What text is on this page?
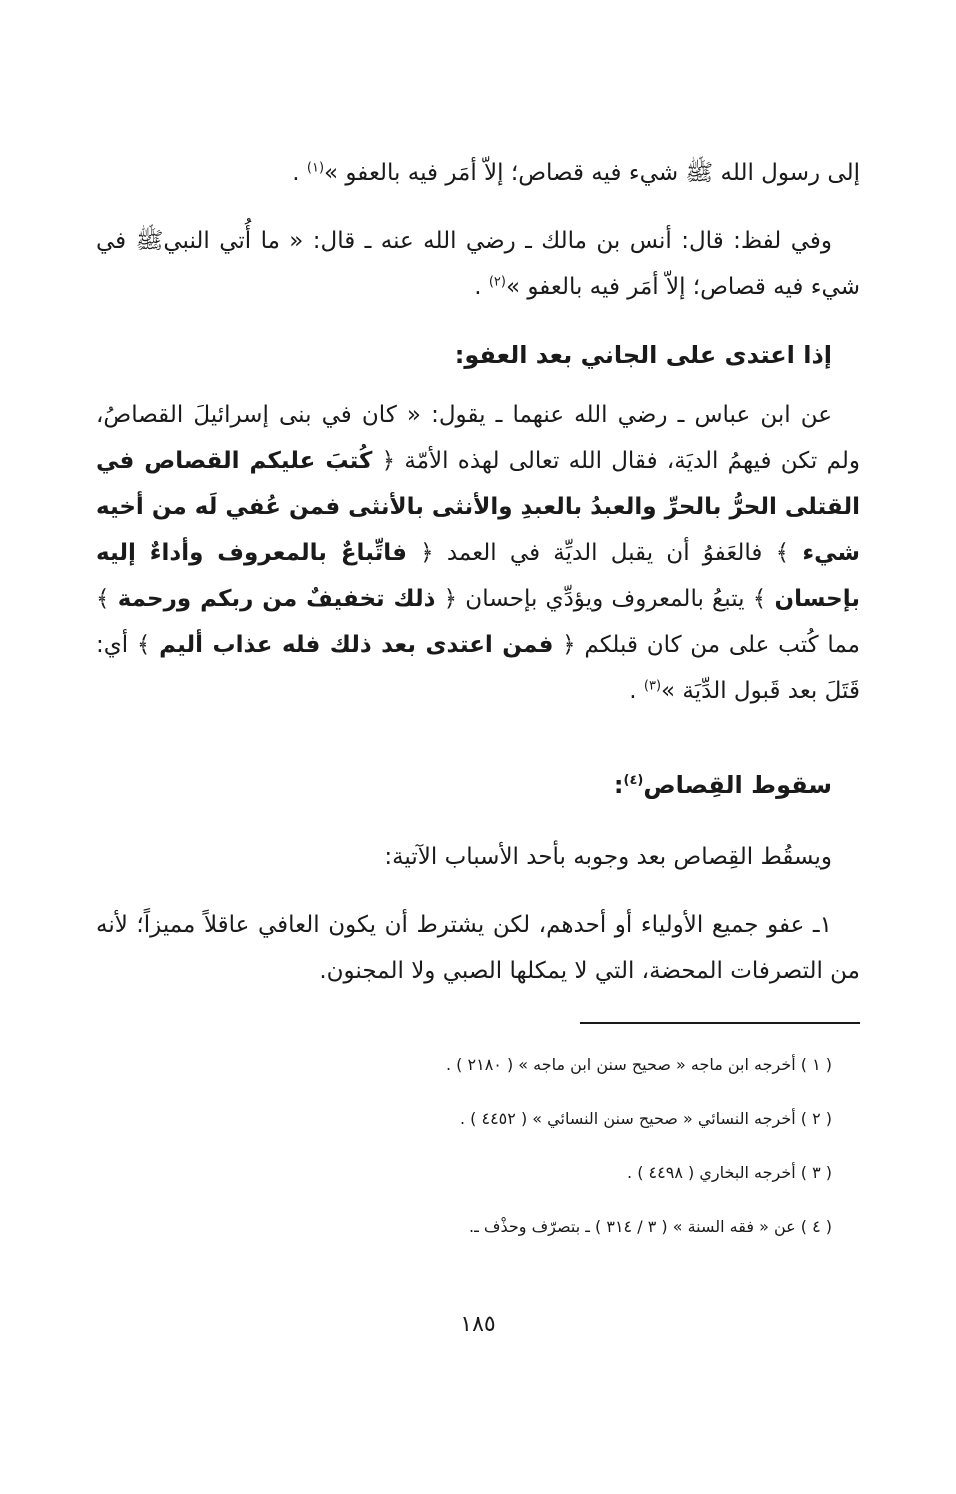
إلى رسول الله ﷺ شيء فيه قصاص؛ إلاّ أمَر فيه بالعفو »$^{(١)}$ .

وفي لفظ: قال: أنس بن مالك ـ رضي الله عنه ـ قال: « ما أُتي النبيﷺ في شيء فيه قصاص؛ إلاّ أمَر فيه بالعفو »$^{(٢)}$ .

إذا اعتدى على الجاني بعد العفو:

عن ابن عباس ـ رضي الله عنهما ـ يقول: « كان في بنى إسرائيلَ القصاصُ، ولم تكن فيهمُ الديَة، فقال الله تعالى لهذه الأمّة ﴿ كُتبَ عليكم القصاص في القتلى الحرُّ بالحرِّ والعبدُ بالعبدِ والأنثى بالأنثى فمن عُفي لَه من أخيه شيء ﴾ فالعَفوُ أن يقبل الديِّة في العمد ﴿ فاتِّباعٌ بالمعروف وأداءٌ إليه بإحسان ﴾ يتبعُ بالمعروف ويؤدِّي بإحسان ﴿ ذلك تخفيفٌ من ربكم ورحمة ﴾ مما كُتب على من كان قبلكم ﴿ فمن اعتدى بعد ذلك فله عذاب أليم ﴾ أي: قَتَلَ بعد قَبول الدِّيَة »$^{(٣)}$ .

سقوط القِصاص$^{(٤)}$:

ويسقُط القِصاص بعد وجوبه بأحد الأسباب الآتية:

١ـ عفو جميع الأولياء أو أحدهم، لكن يشترط أن يكون العافي عاقلاً مميزاً؛ لأنه من التصرفات المحضة، التي لا يمكلها الصبي ولا المجنون.

( ١ ) أخرجه ابن ماجه « صحيح سنن ابن ماجه » ( ٢١٨٠ ) .

( ٢ ) أخرجه النسائي « صحيح سنن النسائي » ( ٤٤٥٢ ) .

( ٣ ) أخرجه البخاري ( ٤٤٩٨ ) .

( ٤ ) عن « فقه السنة » ( ٣ / ٣١٤ ) ـ بتصرّف وحذْف ـ.

١٨٥
